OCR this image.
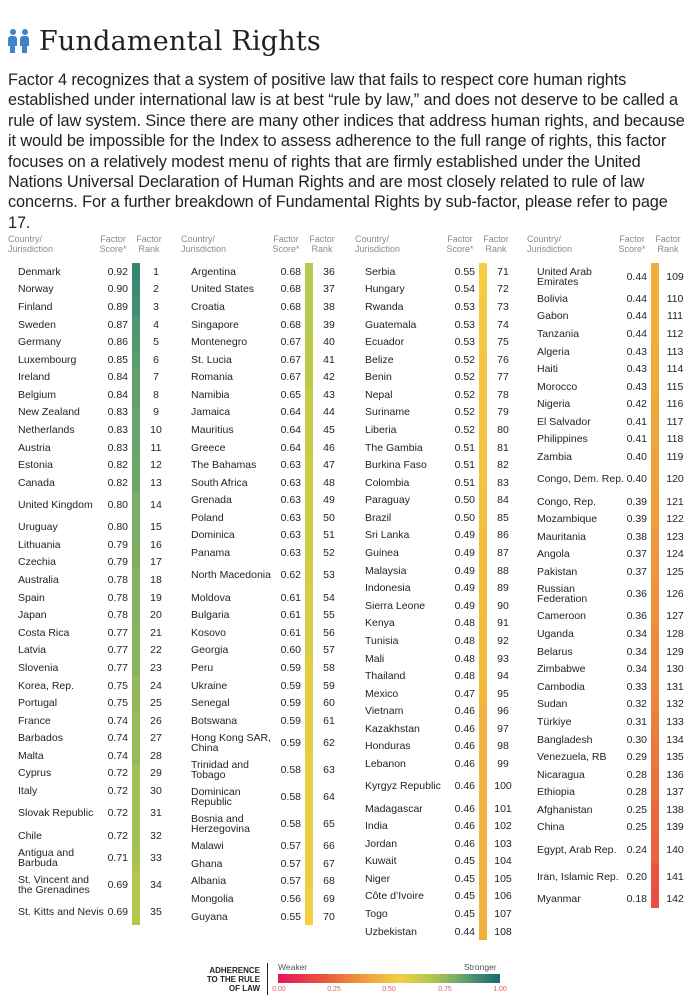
Fundamental Rights

Factor 4 recognizes that a system of positive law that fails to respect core human rights established under international law is at best “rule by law,” and does not deserve to be called a rule of law system. Since there are many other indices that address human rights, and because it would be impossible for the Index to assess adherence to the full range of rights, this factor focuses on a relatively modest menu of rights that are firmly established under the United Nations Universal Declaration of Human Rights and are most closely related to rule of law concerns. For a further breakdown of Fundamental Rights by sub-factor, please refer to page 17.

Country/
Jurisdiction
Factor
Score*
Factor
Rank
Denmark	0.92	1
Norway	0.90	2
Finland	0.89	3
Sweden	0.87	4
Germany	0.86	5
Luxembourg	0.85	6
Ireland	0.84	7
Belgium	0.84	8
New Zealand	0.83	9
Netherlands	0.83	10
Austria	0.83	11
Estonia	0.82	12
Canada	0.82	13
United Kingdom	0.80	14
Uruguay	0.80	15
Lithuania	0.79	16
Czechia	0.79	17
Australia	0.78	18
Spain	0.78	19
Japan	0.78	20
Costa Rica	0.77	21
Latvia	0.77	22
Slovenia	0.77	23
Korea, Rep.	0.75	24
Portugal	0.75	25
France	0.74	26
Barbados	0.74	27
Malta	0.74	28
Cyprus	0.72	29
Italy	0.72	30
Slovak Republic	0.72	31
Chile	0.72	32
Antigua and Barbuda	0.71	33
St. Vincent and the Grenadines	0.69	34
St. Kitts and Nevis 0.69	35
Country/
Jurisdiction
Factor
Score*
Factor
Rank
Argentina	0.68	36
United States	0.68	37
Croatia	0.68	38
Singapore	0.68	39
Montenegro	0.67	40
St. Lucia	0.67	41
Romania	0.67	42
Namibia	0.65	43
Jamaica	0.64	44
Mauritius	0.64	45
Greece	0.64	46
The Bahamas	0.63	47
South Africa	0.63	48
Grenada	0.63	49
Poland	0.63	50
Dominica	0.63	51
Panama	0.63	52
North Macedonia 0.62	53
Moldova	0.61	54
Bulgaria	0.61	55
Kosovo	0.61	56
Georgia	0.60	57
Peru	0.59	58
Ukraine	0.59	59
Senegal	0.59	60
Botswana	0.59	61
Hong Kong SAR, China	0.59	62
Trinidad and Tobago	0.58	63
Dominican Republic	0.58	64
Bosnia and Herzegovina	0.58	65
Malawi	0.57	66
Ghana	0.57	67
Albania	0.57	68
Mongolia	0.56	69
Guyana	0.55	70
Country/
Jurisdiction
Factor
Score*
Factor
Rank
Serbia	0.55	71
Hungary	0.54	72
Rwanda	0.53	73
Guatemala	0.53	74
Ecuador	0.53	75
Belize	0.52	76
Benin	0.52	77
Nepal	0.52	78
Suriname	0.52	79
Liberia	0.52	80
The Gambia	0.51	81
Burkina Faso	0.51	82
Colombia	0.51	83
Paraguay	0.50	84
Brazil	0.50	85
Sri Lanka	0.49	86
Guinea	0.49	87
Malaysia	0.49	88
Indonesia	0.49	89
Sierra Leone	0.49	90
Kenya	0.48	91
Tunisia	0.48	92
Mali	0.48	93
Thailand	0.48	94
Mexico	0.47	95
Vietnam	0.46	96
Kazakhstan	0.46	97
Honduras	0.46	98
Lebanon	0.46	99
Kyrgyz Republic	0.46	100
Madagascar	0.46	101
India	0.46	102
Jordan	0.46	103
Kuwait	0.45	104
Niger	0.45	105
Côte d’Ivoire	0.45	106
Togo	0.45	107
Uzbekistan	0.44	108
Country/
Jurisdiction
Factor
Score*
Factor
Rank
United Arab Emirates	0.44	109
Bolivia	0.44	110
Gabon	0.44	111
Tanzania	0.44	112
Algeria	0.43	113
Haiti	0.43	114
Morocco	0.43	115
Nigeria	0.42	116
El Salvador	0.41	117
Philippines	0.41	118
Zambia	0.40	119
Congo, Dem. Rep. 0.40	120
Congo, Rep.	0.39	121
Mozambique	0.39	122
Mauritania	0.38	123
Angola	0.37	124
Pakistan	0.37	125
Russian Federation	0.36	126
Cameroon	0.36	127
Uganda	0.34	128
Belarus	0.34	129
Zimbabwe	0.34	130
Cambodia	0.33	131
Sudan	0.32	132
Türkiye	0.31	133
Bangladesh	0.30	134
Venezuela, RB	0.29	135
Nicaragua	0.28	136
Ethiopia	0.28	137
Afghanistan	0.25	138
China	0.25	139
Egypt, Arab Rep. 0.24	140
Iran, Islamic Rep. 0.20	141
Myanmar	0.18	142
ADHERENCE TO THE RULE OF LAW
Weaker	Stronger
0.00	0.25	0.50	0.75	1.00
